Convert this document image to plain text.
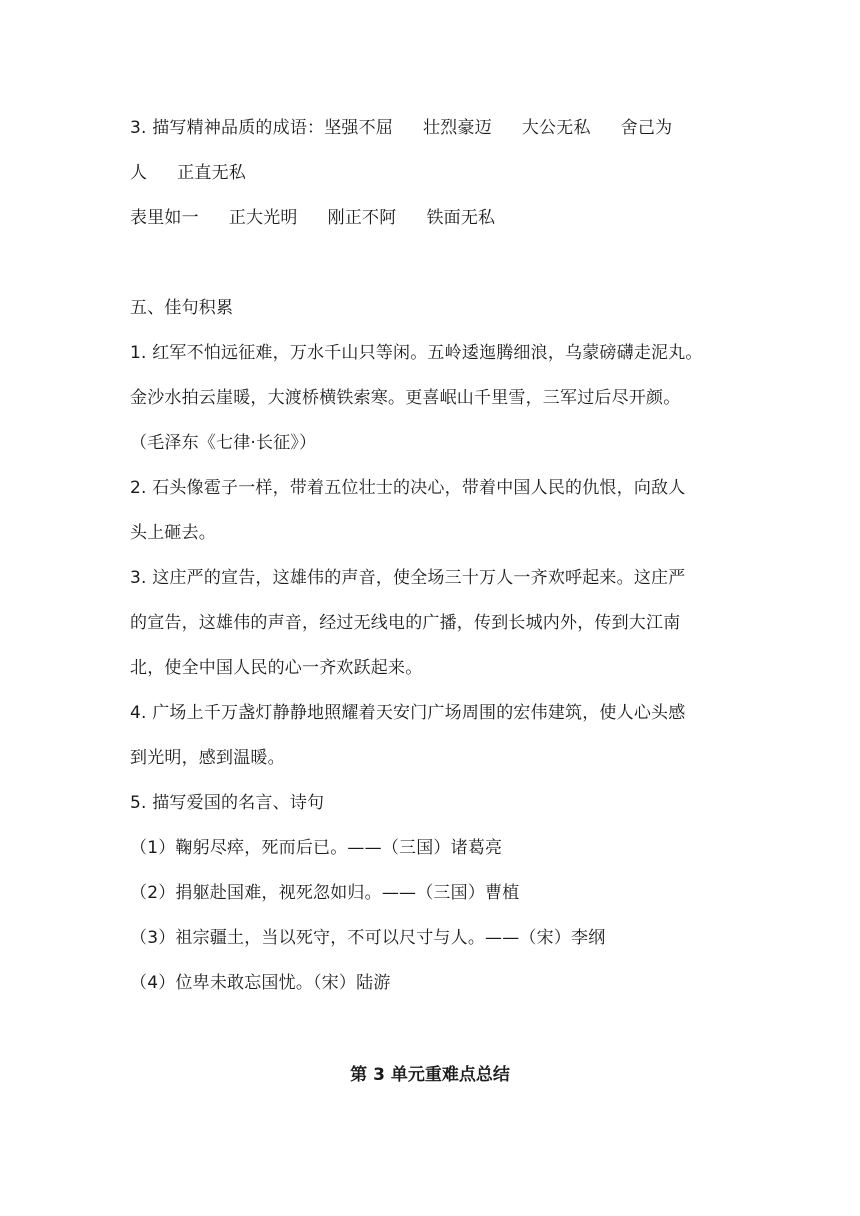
3. 描写精神品质的成语：坚强不屈 壮烈豪迈 大公无私 舍己为
人 正直无私
表里如一 正大光明 刚正不阿 铁面无私
五、佳句积累
1. 红军不怕远征难，万水千山只等闲。五岭逶迤腾细浪，乌蒙磅礴走泥丸。
金沙水拍云崖暖，大渡桥横铁索寒。更喜岷山千里雪，三军过后尽开颜。
（毛泽东《七律·长征》）
2. 石头像雹子一样，带着五位壮士的决心，带着中国人民的仇恨，向敌人
头上砸去。
3. 这庄严的宣告，这雄伟的声音，使全场三十万人一齐欢呼起来。这庄严
的宣告，这雄伟的声音，经过无线电的广播，传到长城内外，传到大江南
北，使全中国人民的心一齐欢跃起来。
4. 广场上千万盏灯静静地照耀着天安门广场周围的宏伟建筑，使人心头感
到光明，感到温暖。
5. 描写爱国的名言、诗句
（1）鞠躬尽瘁，死而后已。——（三国）诸葛亮
（2）捐躯赴国难，视死忽如归。——（三国）曹植
（3）祖宗疆土，当以死守，不可以尺寸与人。——（宋）李纲
（4）位卑未敢忘国忧。（宋）陆游
第 3 单元重难点总结
